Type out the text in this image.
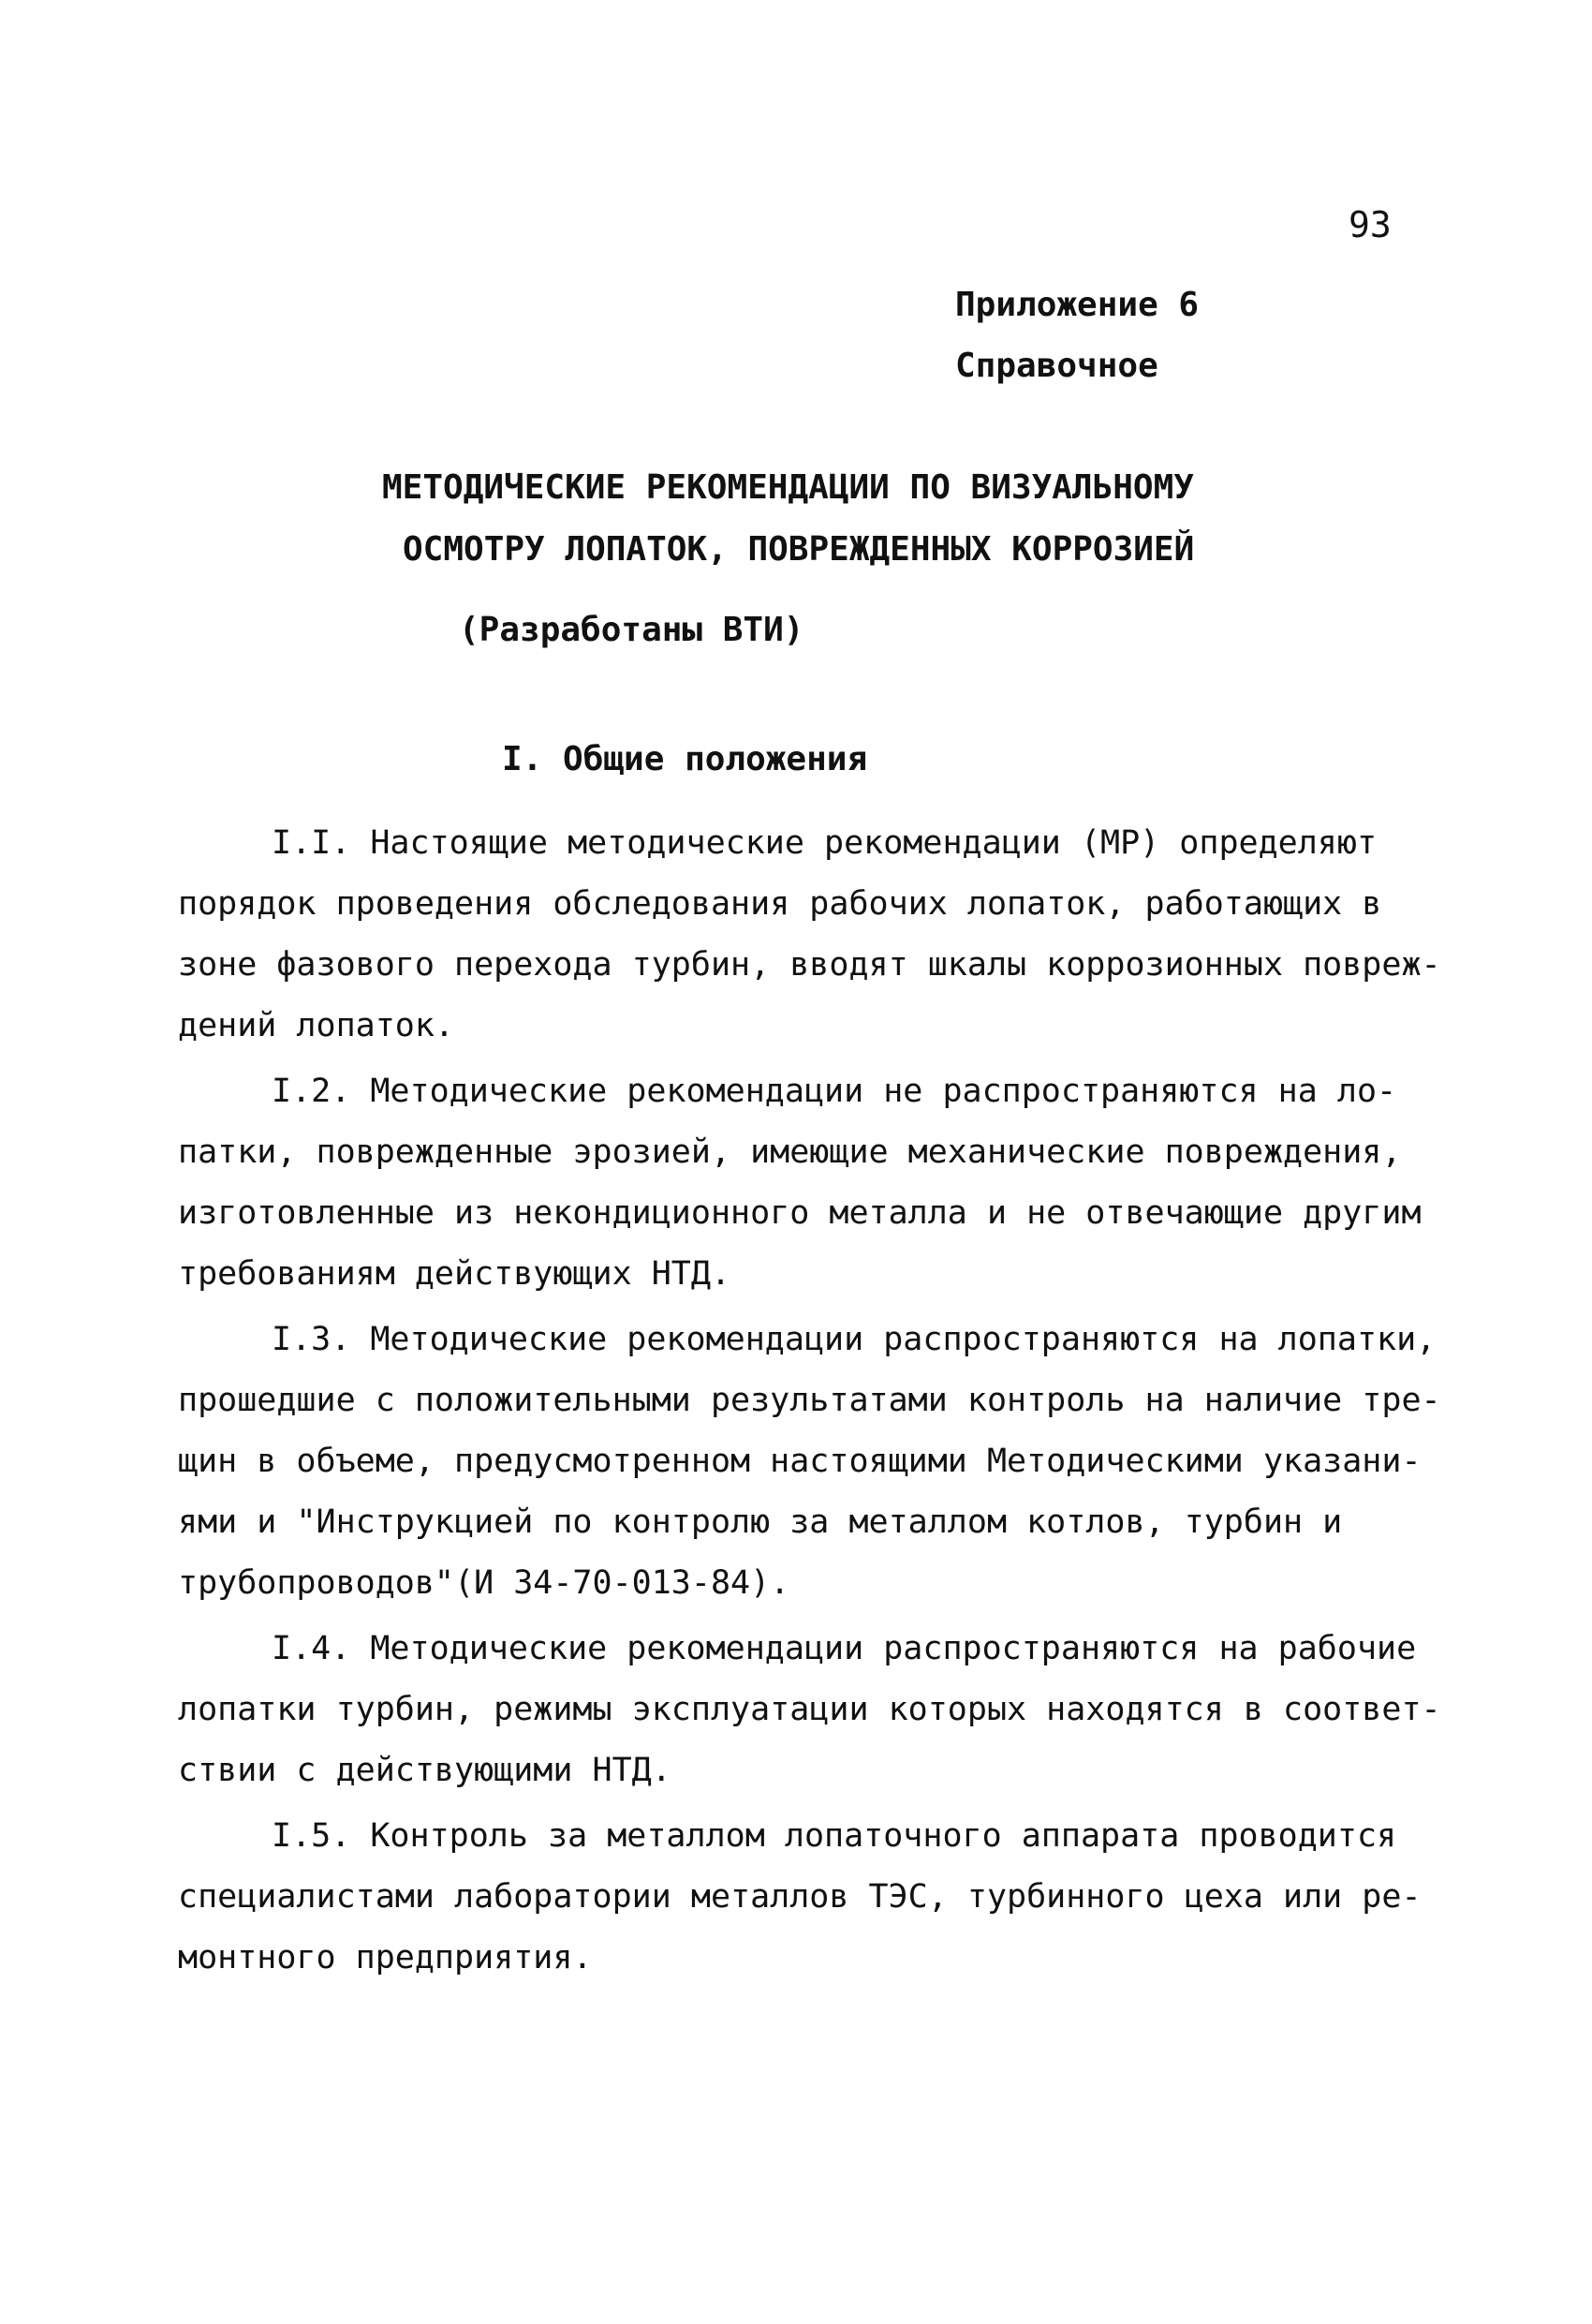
93
Приложение 6
Справочное
МЕТОДИЧЕСКИЕ РЕКОМЕНДАЦИИ ПО ВИЗУАЛЬНОМУ
ОСМОТРУ ЛОПАТОК, ПОВРЕЖДЕННЫХ КОРРОЗИЕЙ
(Разработаны ВТИ)
I. Общие положения
I.I. Настоящие методические рекомендации (МР) определяют
порядок проведения обследования рабочих лопаток, работающих в
зоне фазового перехода турбин, вводят шкалы коррозионных повреж-
дений лопаток.
I.2. Методические рекомендации не распространяются на ло-
патки, поврежденные эрозией, имеющие механические повреждения,
изготовленные из некондиционного металла и не отвечающие другим
требованиям действующих НТД.
I.3. Методические рекомендации распространяются на лопатки,
прошедшие с положительными результатами контроль на наличие тре-
щин в объеме, предусмотренном настоящими Методическими указани-
ями и "Инструкцией по контролю за металлом котлов, турбин и
трубопроводов"(И 34-70-013-84).
I.4. Методические рекомендации распространяются на рабочие
лопатки турбин, режимы эксплуатации которых находятся в соответ-
ствии с действующими НТД.
I.5. Контроль за металлом лопаточного аппарата проводится
специалистами лаборатории металлов ТЭС, турбинного цеха или ре-
монтного предприятия.
